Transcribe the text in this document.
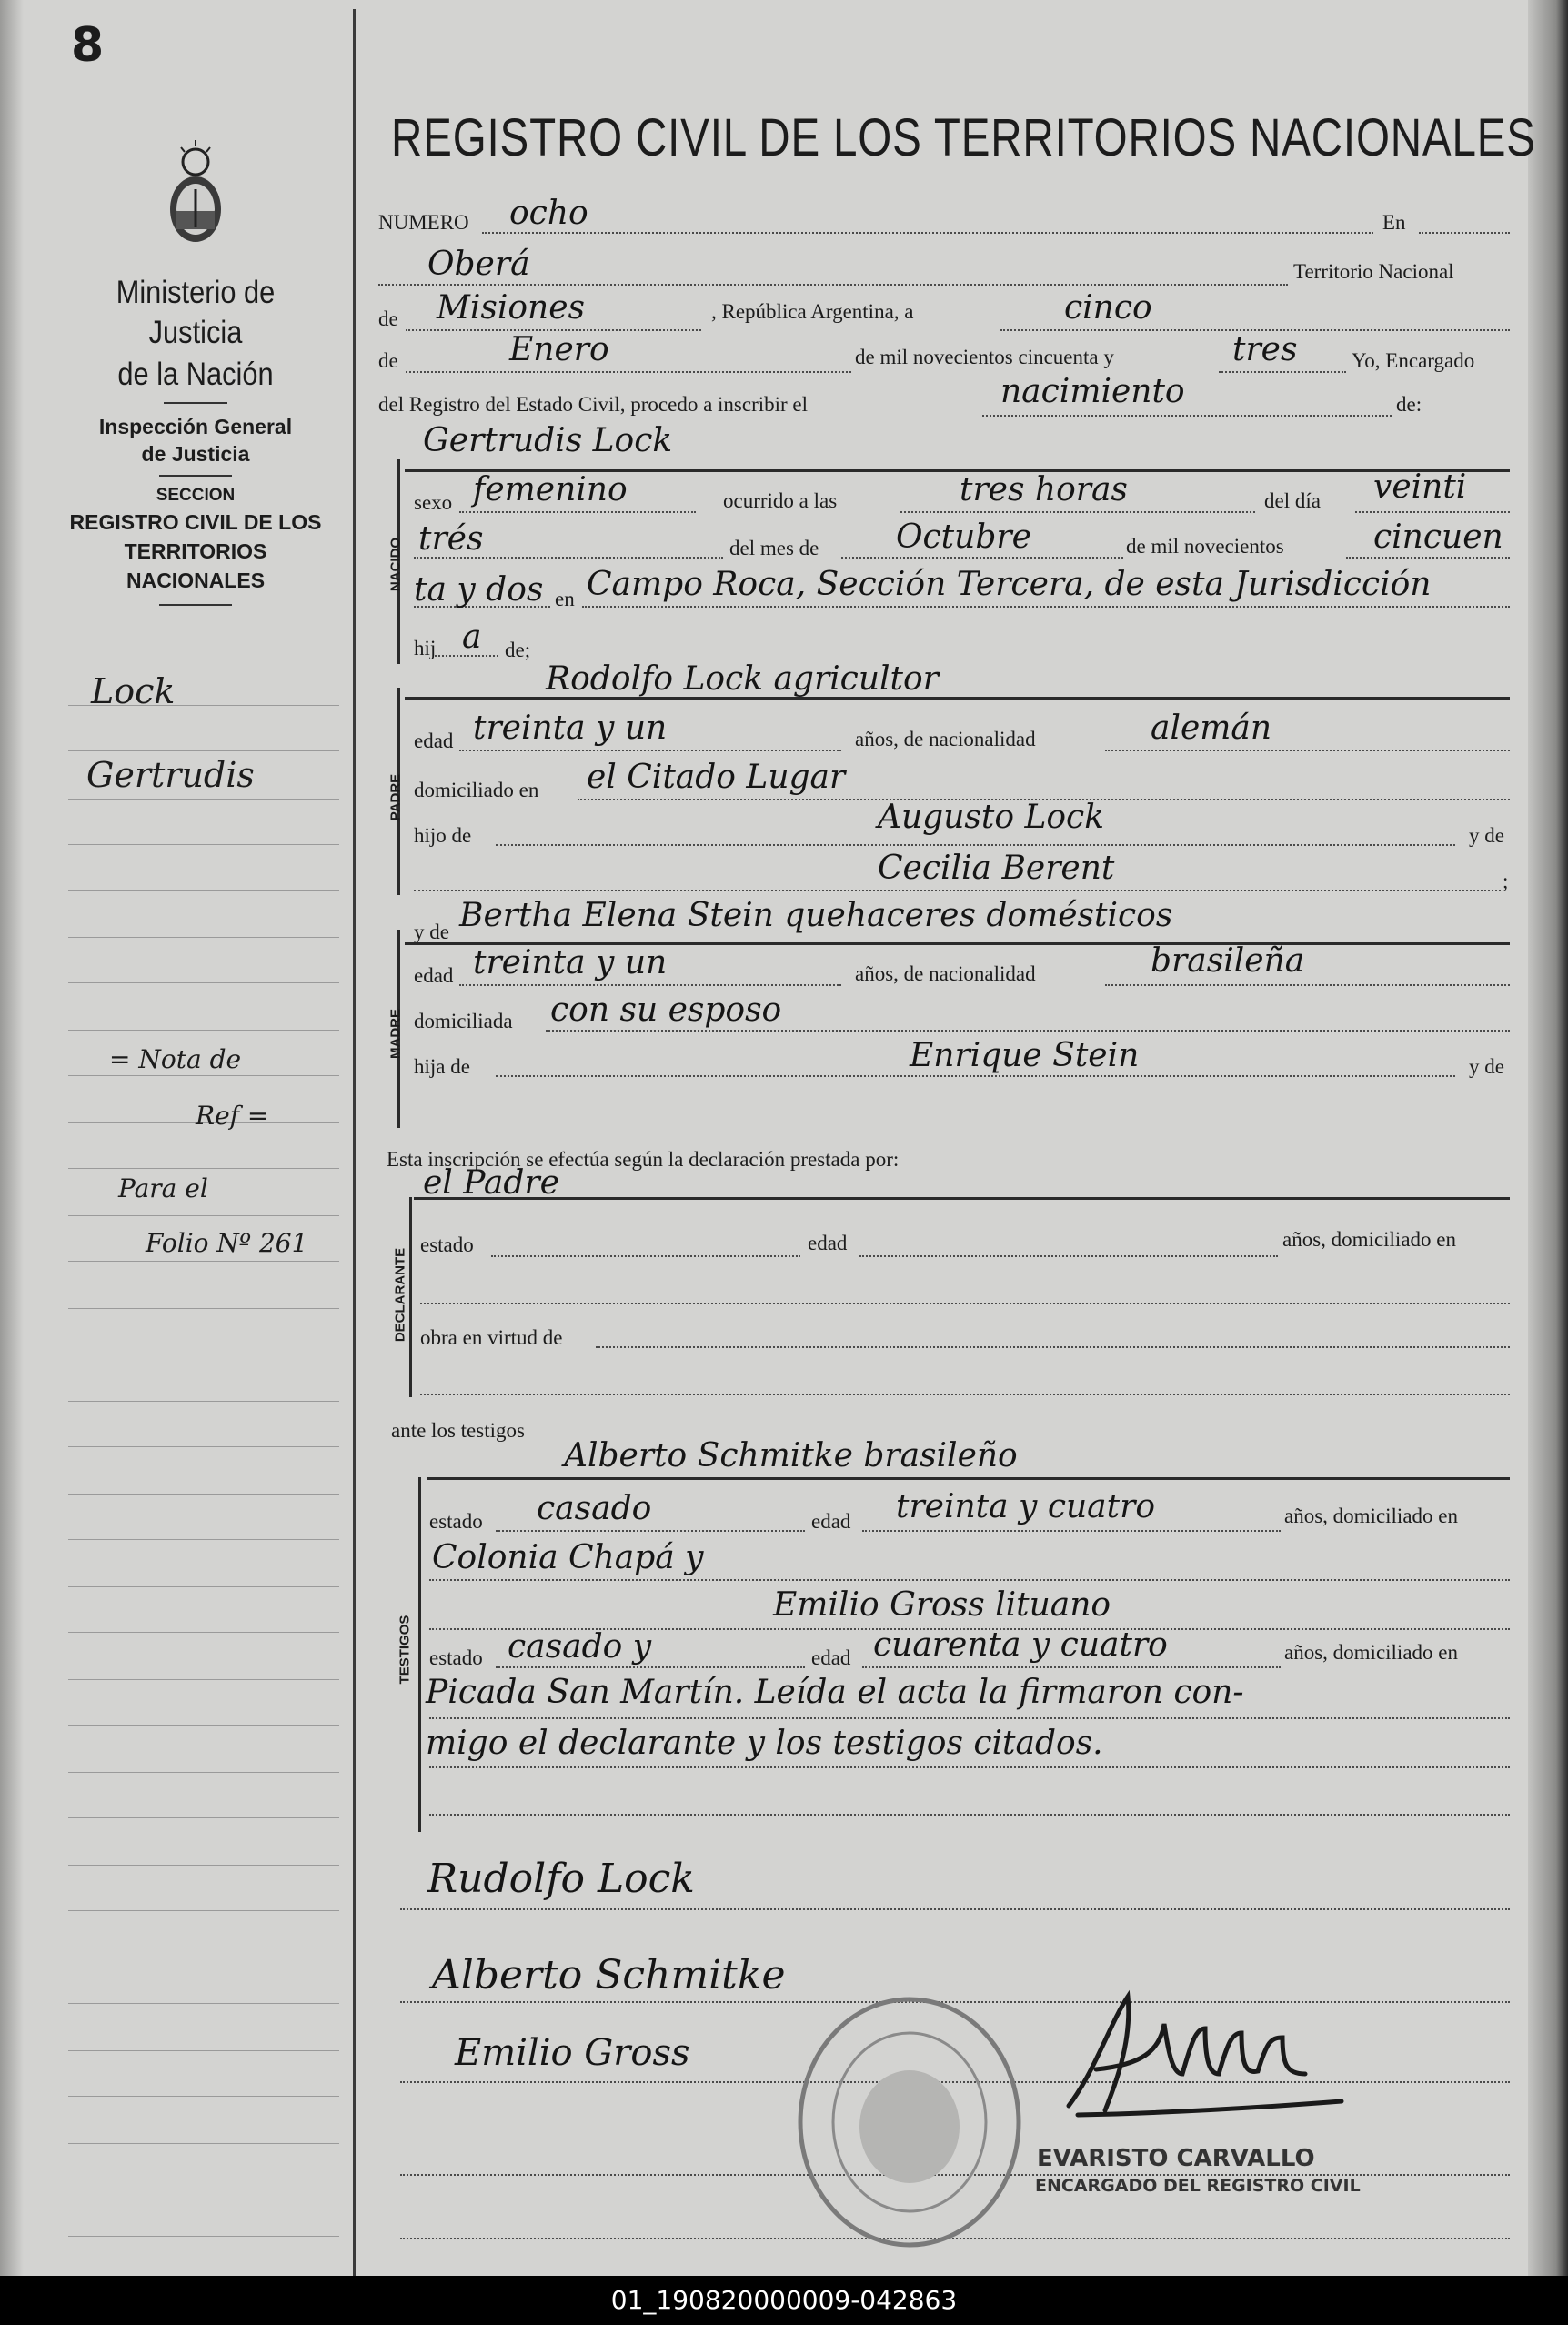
8
Ministerio de Justicia
de la Nación
Inspección General
de Justicia
SECCION
REGISTRO CIVIL DE LOS
TERRITORIOS NACIONALES
Lock
Gertrudis
= Nota de
Ref =
Para el
Folio Nº 261
REGISTRO CIVIL DE LOS TERRITORIOS NACIONALES
NUMERO ocho	En
Oberá	Territorio Nacional
de Misiones	, República Argentina, a	cinco
de	Enero	de mil novecientos cincuenta y	tres	Yo, Encargado
del Registro del Estado Civil, procedo a inscribir el	nacimiento	de:
Gertrudis Lock
NACIDO
sexo femenino	ocurrido a las	tres horas	del día veinti
trés	del mes de Octubre	de mil novecientos	cincuen
ta y dos en Campo Roca, Sección Tercera, de esta Jurisdicción
hij a de;
Rodolfo Lock agricultor
PADRE
edad treinta y un	años, de nacionalidad	alemán
domiciliado en el Citado Lugar
hijo de	Augusto Lock	y de
Cecilia Berent	;
y de Bertha Elena Stein quehaceres domésticos
MADRE
edad treinta y un	años, de nacionalidad	brasileña
domiciliada con su esposo
hija de	Enrique Stein	y de
Esta inscripción se efectúa según la declaración prestada por:
el Padre
DECLARANTE
estado	edad	años, domiciliado en
obra en virtud de
ante los testigos
Alberto Schmitke brasileño
TESTIGOS
estado casado	edad treinta y cuatro	años, domiciliado en
Colonia Chapá y
Emilio Gross lituano
estado casado y	edad cuarenta y cuatro	años, domiciliado en
Picada San Martín. Leída el acta la firmaron con-
migo el declarante y los testigos citados.
Rudolfo Lock
Alberto Schmitke
Emilio Gross
EVARISTO CARVALLO
ENCARGADO DEL REGISTRO CIVIL
01_190820000009-042863
